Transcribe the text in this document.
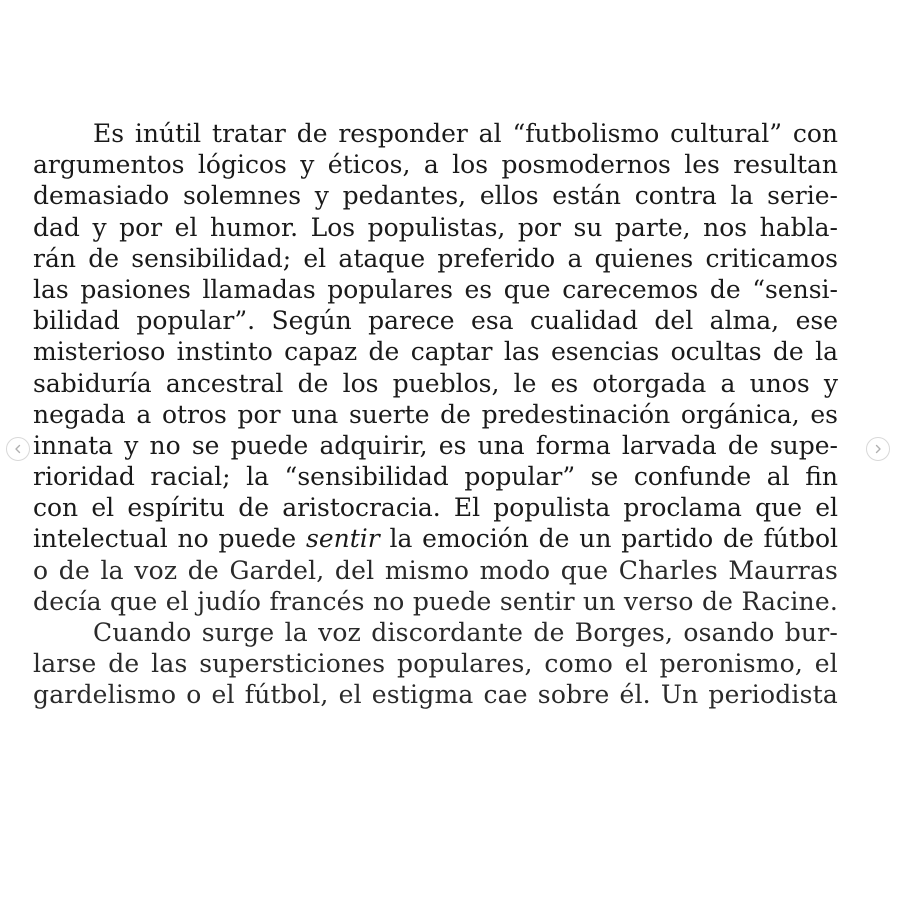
Es inútil tratar de responder al “futbolismo cultural” con
argumentos lógicos y éticos, a los posmodernos les resultan
demasiado solemnes y pedantes, ellos están contra la serie-
dad y por el humor. Los populistas, por su parte, nos habla-
rán de sensibilidad; el ataque preferido a quienes criticamos
las pasiones llamadas populares es que carecemos de “sensi-
bilidad popular”. Según parece esa cualidad del alma, ese
misterioso instinto capaz de captar las esencias ocultas de la
sabiduría ancestral de los pueblos, le es otorgada a unos y
negada a otros por una suerte de predestinación orgánica, es
innata y no se puede adquirir, es una forma larvada de supe-
rioridad racial; la “sensibilidad popular” se confunde al fin
con el espíritu de aristocracia. El populista proclama que el
intelectual no puede sentir la emoción de un partido de fútbol
o de la voz de Gardel, del mismo modo que Charles Maurras
decía que el judío francés no puede sentir un verso de Racine.
Cuando surge la voz discordante de Borges, osando bur-
larse de las supersticiones populares, como el peronismo, el
gardelismo o el fútbol, el estigma cae sobre él. Un periodista
